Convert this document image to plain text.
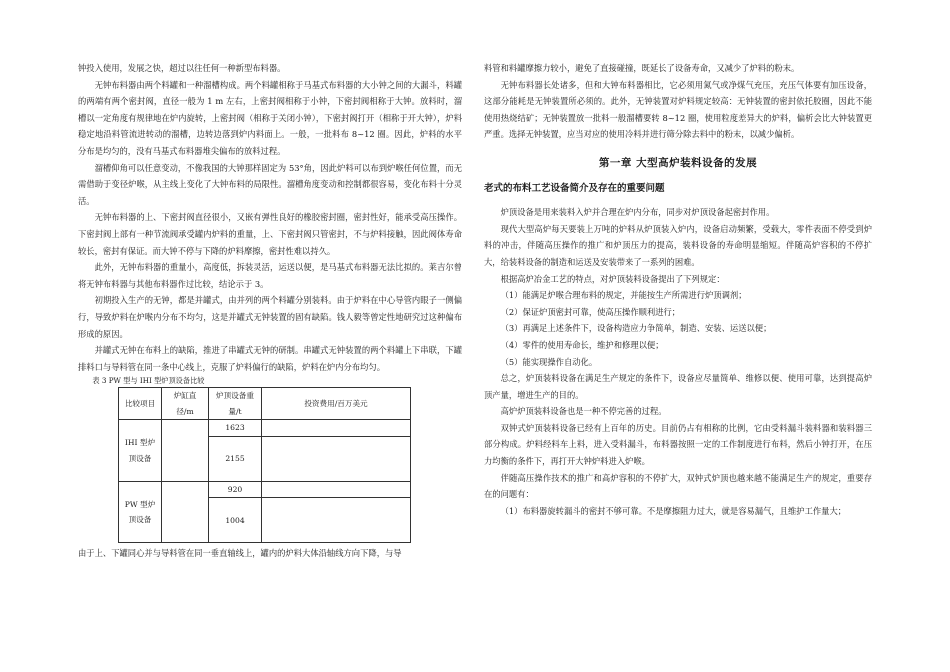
钟投入使用，发展之快，超过以往任何一种新型布料器。

无钟布料器由两个料罐和一种溜槽构成。两个料罐相称于马基式布料器的大小钟之间的大漏斗，料罐的两端有两个密封阀，直径一般为 1 m 左右，上密封阀相称于小钟，下密封阀相称于大钟。放料时，溜槽以一定角度有规律地在炉内旋转，上密封阀（相称于关闭小钟），下密封阀打开（相称于开大钟），炉料稳定地沿料管流进转动的溜槽，边转边落到炉内料面上。一般，一批料布 8~12 圈。因此，炉料的水平分布是均匀的，没有马基式布料器堆尖偏布的放料过程。

溜槽仰角可以任意变动，不像我国的大钟那样固定为 53°角，因此炉料可以布到炉喉任何位置，而无需借助于变径炉喉，从主线上变化了大钟布料的局限性。溜槽角度变动和控制都很容易，变化布料十分灵活。

无钟布料器的上、下密封阀直径很小，又嵌有弹性良好的橡胶密封圈，密封性好，能承受高压操作。下密封阀上部有一种节流阀承受罐内炉料的重量，上、下密封阀只管密封，不与炉料接触，因此阀体寿命较长，密封有保证。而大钟不停与下降的炉料摩擦，密封性难以持久。

此外，无钟布料器的重量小，高度低，拆装灵活，运送以便，是马基式布料器无法比拟的。莱吉尔曾将无钟布料器与其他布料器作过比较，结论示于 3。

初期投入生产的无钟，都是并罐式，由并列的两个料罐分别装料。由于炉料在中心导管内眼子一侧偏行，导致炉料在炉喉内分布不均匀，这是并罐式无钟装置的固有缺陷。钱人毅等曾定性地研究过这种偏布形成的原因。

并罐式无钟在布料上的缺陷，推进了串罐式无钟的研制。串罐式无钟装置的两个料罐上下串联，下罐排料口与导料管在同一条中心线上，克服了炉料偏行的缺陷，炉料在炉内分布均匀。

表 3 PW 型与 IHI 型炉顶设备比较

比较项目	炉缸直径/m	炉顶设备重量/t	投资费用/百万美元
IHI 型炉顶设备		1623	
		2155	
PW 型炉顶设备		920	
		1004	

由于上、下罐同心并与导料管在同一垂直轴线上，罐内的炉料大体沿轴线方向下降，与导

料管和料罐摩擦力较小，避免了直接碰撞，既延长了设备寿命，又减少了炉料的粉末。

无钟布料器长处诸多，但和大钟布料器相比，它必须用氮气或净煤气充压，充压气体要有加压设备，这部分能耗是无钟装置所必须的。此外，无钟装置对炉料规定较高：无钟装置的密封依托胶圈，因此不能使用热烧结矿；无钟装置放一批料一般溜槽要转 8~12 圈，使用粒度差异大的炉料，偏析会比大钟装置更严重。选择无钟装置，应当对应的使用冷料并进行筛分除去料中的粉末，以减少偏析。

第一章 大型高炉装料设备的发展
老式的布料工艺设备简介及存在的重要问题

炉顶设备是用来装料入炉并合理在炉内分布，同步对炉顶设备起密封作用。

现代大型高炉每天要装上万吨的炉料从炉顶装入炉内，设备启动频繁，受载大，零件表面不停受到炉料的冲击，伴随高压操作的推广和炉顶压力的提高，装料设备的寿命明显缩短。伴随高炉容积的不停扩大，给装料设备的制造和运送及安装带来了一系列的困难。

根据高炉冶金工艺的特点，对炉顶装料设备提出了下列规定：

（1）能满足炉喉合理布料的规定，并能按生产所需进行炉顶调剂；

（2）保证炉顶密封可靠，使高压操作顺利进行；

（3）再满足上述条件下，设备构造应力争简单，制造、安装、运送以便；

（4）零件的使用寿命长，维护和修理以便；

（5）能实现操作自动化。

总之，炉顶装料设备在满足生产规定的条件下，设备应尽量简单、维修以便、使用可靠，达到提高炉顶产量，增进生产的目的。

高炉炉顶装料设备也是一种不停完善的过程。

双钟式炉顶装料设备已经有上百年的历史。目前仍占有相称的比例，它由受料漏斗装料器和装料器三部分构成。炉料经料车上料，进入受料漏斗，布料器按照一定的工作制度进行布料，然后小钟打开，在压力均衡的条件下，再打开大钟炉料进入炉喉。

伴随高压操作技术的推广和高炉容积的不停扩大，双钟式炉顶也越来越不能满足生产的规定，重要存在的问题有：

（1）布料器旋转漏斗的密封不够可靠。不是摩擦阻力过大，就是容易漏气，且维护工作量大；
